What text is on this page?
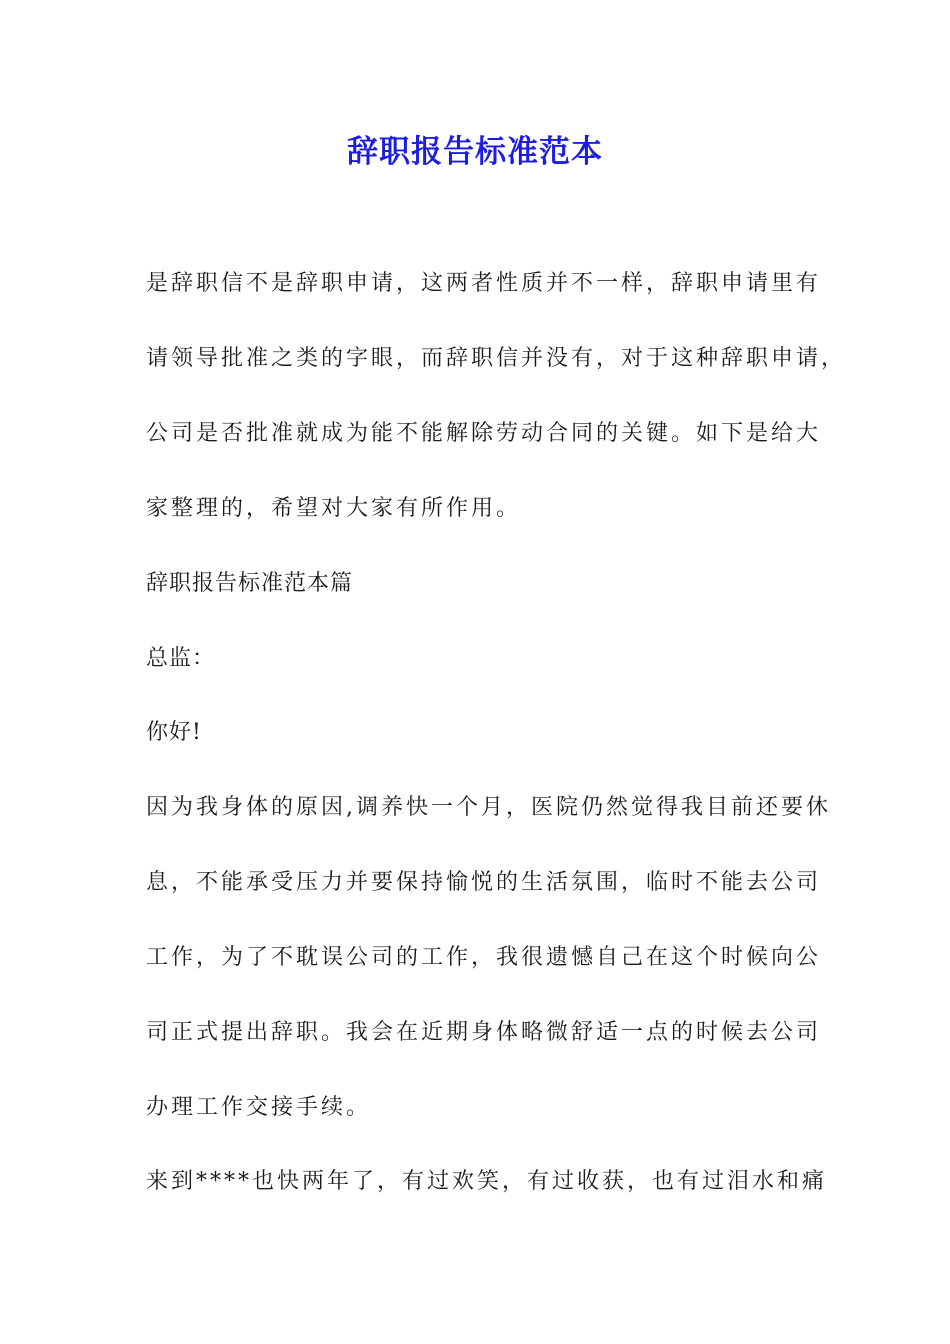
辞职报告标准范本
是辞职信不是辞职申请，这两者性质并不一样，辞职申请里有
请领导批准之类的字眼，而辞职信并没有，对于这种辞职申请，
公司是否批准就成为能不能解除劳动合同的关键。如下是给大
家整理的，希望对大家有所作用。
辞职报告标准范本篇
总监：
你好!
因为我身体的原因,调养快一个月，医院仍然觉得我目前还要休
息，不能承受压力并要保持愉悦的生活氛围，临时不能去公司
工作，为了不耽误公司的工作，我很遗憾自己在这个时候向公
司正式提出辞职。我会在近期身体略微舒适一点的时候去公司
办理工作交接手续。
来到****也快两年了，有过欢笑，有过收获，也有过泪水和痛
